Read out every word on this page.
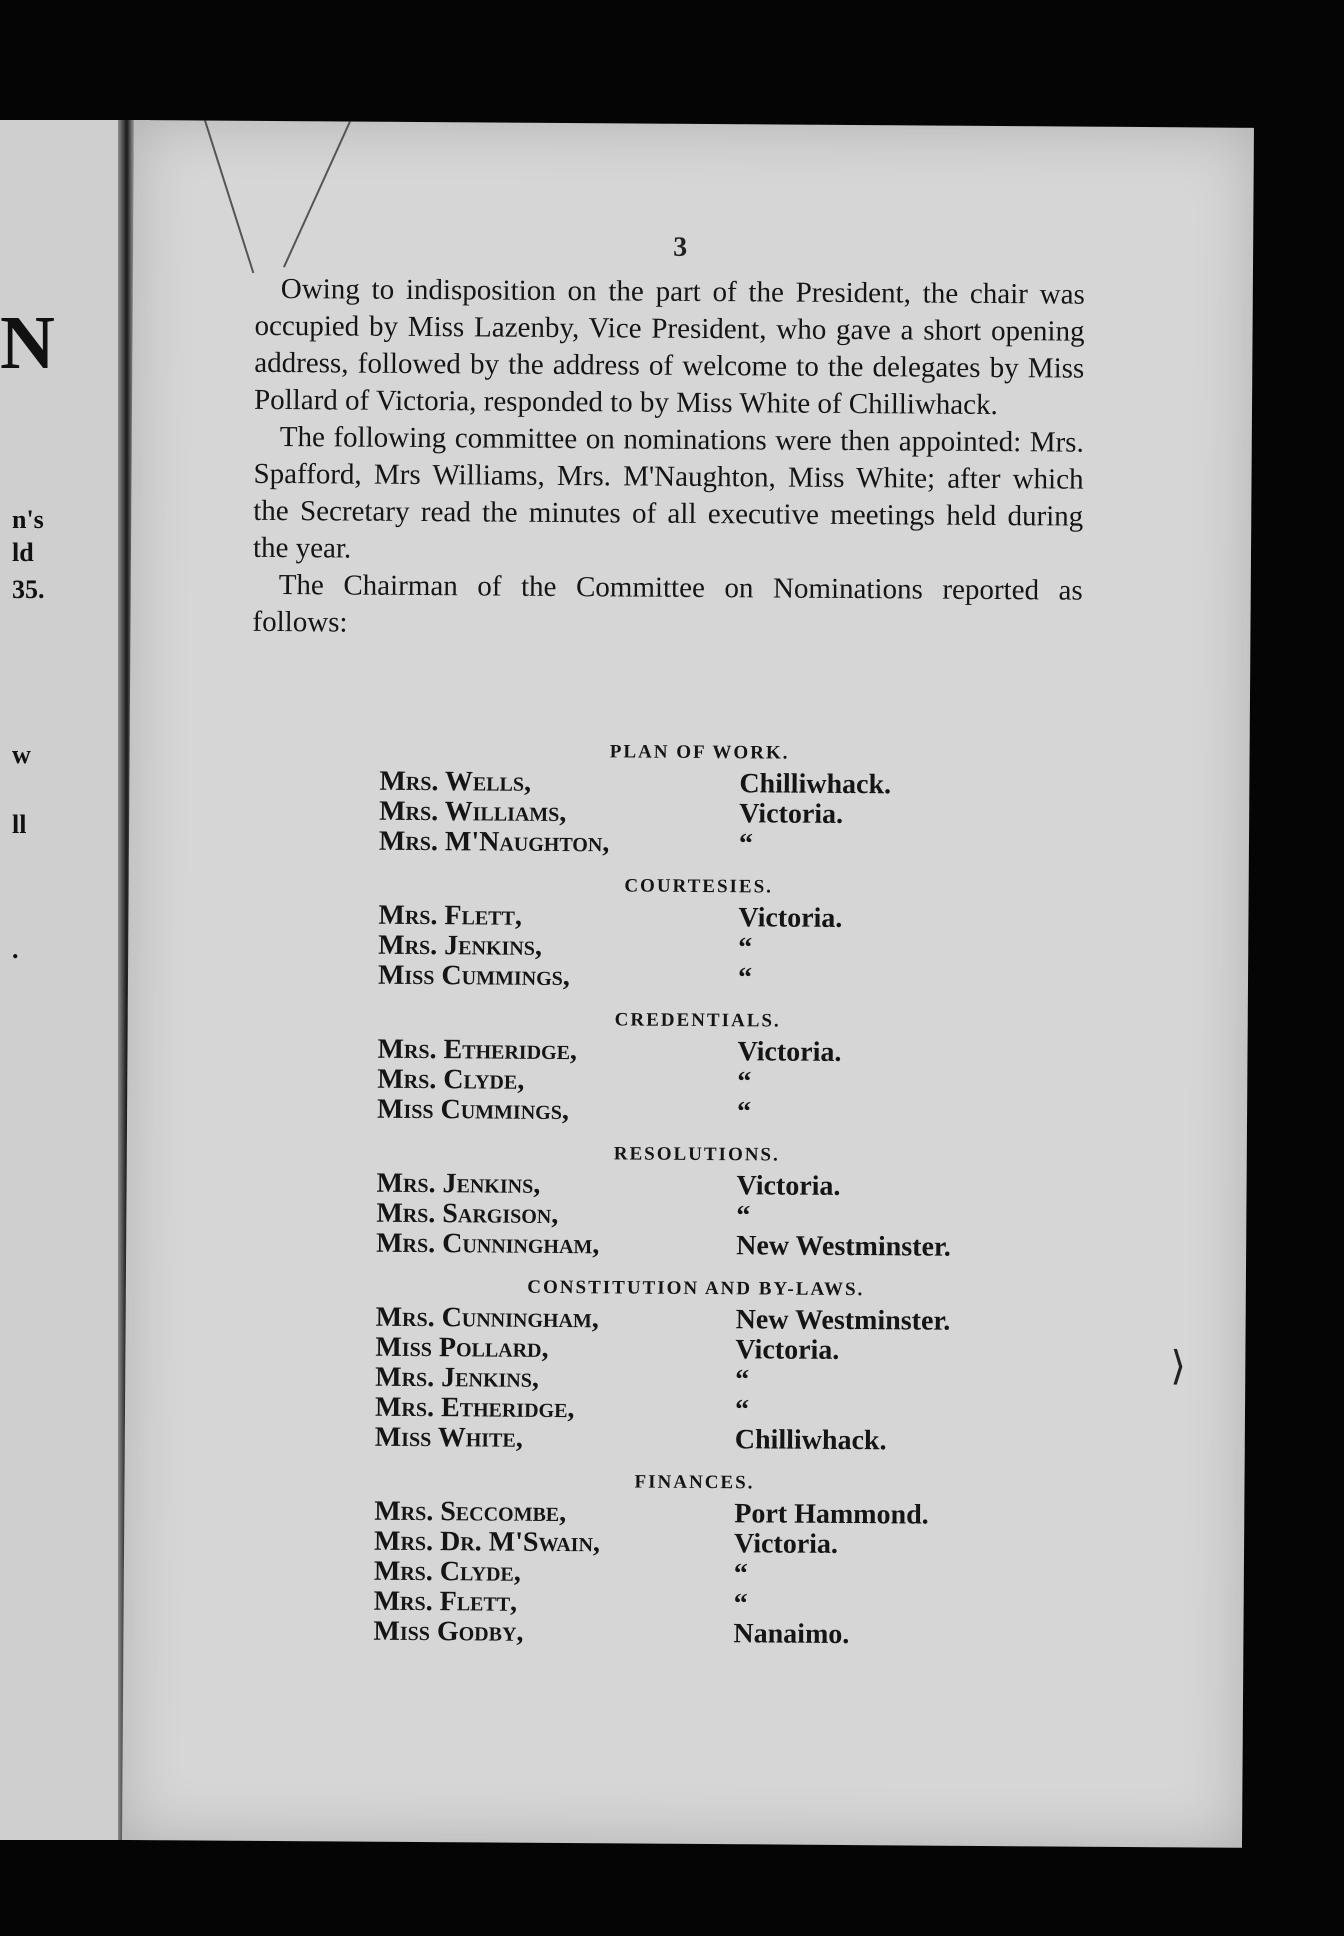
N
n's
ld
35.
w
ll
.
3

Owing to indisposition on the part of the President, the chair was occupied by Miss Lazenby, Vice President, who gave a short opening address, followed by the address of welcome to the delegates by Miss Pollard of Victoria, responded to by Miss White of Chilliwhack.

The following committee on nominations were then appointed: Mrs. Spafford, Mrs Williams, Mrs. M'Naughton, Miss White; after which the Secretary read the minutes of all executive meetings held during the year.

The Chairman of the Committee on Nominations reported as follows:

PLAN OF WORK.
Mrs. Wells,	Chilliwhack.
Mrs. Williams,	Victoria.
Mrs. M'Naughton,	“
COURTESIES.
Mrs. Flett,	Victoria.
Mrs. Jenkins,	“
Miss Cummings,	“
CREDENTIALS.
Mrs. Etheridge,	Victoria.
Mrs. Clyde,	“
Miss Cummings,	“
RESOLUTIONS.
Mrs. Jenkins,	Victoria.
Mrs. Sargison,	“
Mrs. Cunningham,	New Westminster.
CONSTITUTION AND BY-LAWS.
Mrs. Cunningham,	New Westminster.
Miss Pollard,	Victoria.
Mrs. Jenkins,	“
Mrs. Etheridge,	“
Miss White,	Chilliwhack.
FINANCES.
Mrs. Seccombe,	Port Hammond.
Mrs. Dr. M'Swain,	Victoria.
Mrs. Clyde,	“
Mrs. Flett,	“
Miss Godby,	Nanaimo.
⟩
